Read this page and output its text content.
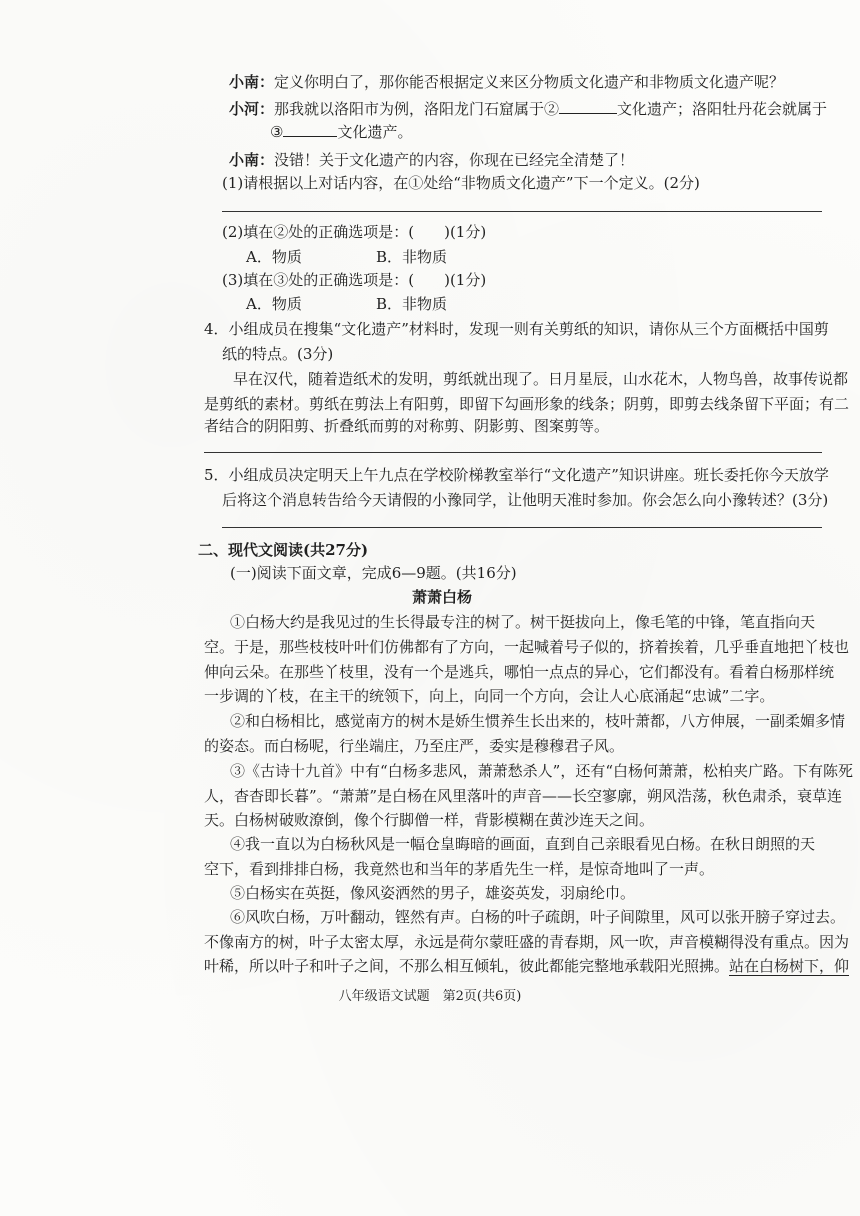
小南：定义你明白了，那你能否根据定义来区分物质文化遗产和非物质文化遗产呢？
小河：那我就以洛阳市为例，洛阳龙门石窟属于②	文化遗产；洛阳牡丹花会就属于
③	文化遗产。
小南：没错！关于文化遗产的内容，你现在已经完全清楚了！
(1)请根据以上对话内容，在①处给“非物质文化遗产”下一个定义。(2分)
(2)填在②处的正确选项是：(　　)(1分)
A．物质	B．非物质
(3)填在③处的正确选项是：(　　)(1分)
A．物质	B．非物质
4．小组成员在搜集“文化遗产”材料时，发现一则有关剪纸的知识，请你从三个方面概括中国剪
纸的特点。(3分)
早在汉代，随着造纸术的发明，剪纸就出现了。日月星辰，山水花木，人物鸟兽，故事传说都
是剪纸的素材。剪纸在剪法上有阳剪，即留下勾画形象的线条；阴剪，即剪去线条留下平面；有二
者结合的阴阳剪、折叠纸而剪的对称剪、阴影剪、图案剪等。
5．小组成员决定明天上午九点在学校阶梯教室举行“文化遗产”知识讲座。班长委托你今天放学
后将这个消息转告给今天请假的小豫同学，让他明天准时参加。你会怎么向小豫转述？(3分)
二、现代文阅读(共27分)
(一)阅读下面文章，完成6—9题。(共16分)
萧萧白杨
①白杨大约是我见过的生长得最专注的树了。树干挺拔向上，像毛笔的中锋，笔直指向天
空。于是，那些枝枝叶叶们仿佛都有了方向，一起喊着号子似的，挤着挨着，几乎垂直地把丫枝也
伸向云朵。在那些丫枝里，没有一个是逃兵，哪怕一点点的异心，它们都没有。看着白杨那样统
一步调的丫枝，在主干的统领下，向上，向同一个方向，会让人心底涌起“忠诚”二字。
②和白杨相比，感觉南方的树木是娇生惯养生长出来的，枝叶萧都，八方伸展，一副柔媚多情
的姿态。而白杨呢，行坐端庄，乃至庄严，委实是穆穆君子风。
③《古诗十九首》中有“白杨多悲风，萧萧愁杀人”，还有“白杨何萧萧，松柏夹广路。下有陈死
人，杳杳即长暮”。“萧萧”是白杨在风里落叶的声音——长空寥廓，朔风浩荡，秋色肃杀，衰草连
天。白杨树破败潦倒，像个行脚僧一样，背影模糊在黄沙连天之间。
④我一直以为白杨秋风是一幅仓皇晦暗的画面，直到自己亲眼看见白杨。在秋日朗照的天
空下，看到排排白杨，我竟然也和当年的茅盾先生一样，是惊奇地叫了一声。
⑤白杨实在英挺，像风姿洒然的男子，雄姿英发，羽扇纶巾。
⑥风吹白杨，万叶翻动，铿然有声。白杨的叶子疏朗，叶子间隙里，风可以张开膀子穿过去。
不像南方的树，叶子太密太厚，永远是荷尔蒙旺盛的青春期，风一吹，声音模糊得没有重点。因为
叶稀，所以叶子和叶子之间，不那么相互倾轧，彼此都能完整地承载阳光照拂。站在白杨树下，仰
八年级语文试题　第2页(共6页)
